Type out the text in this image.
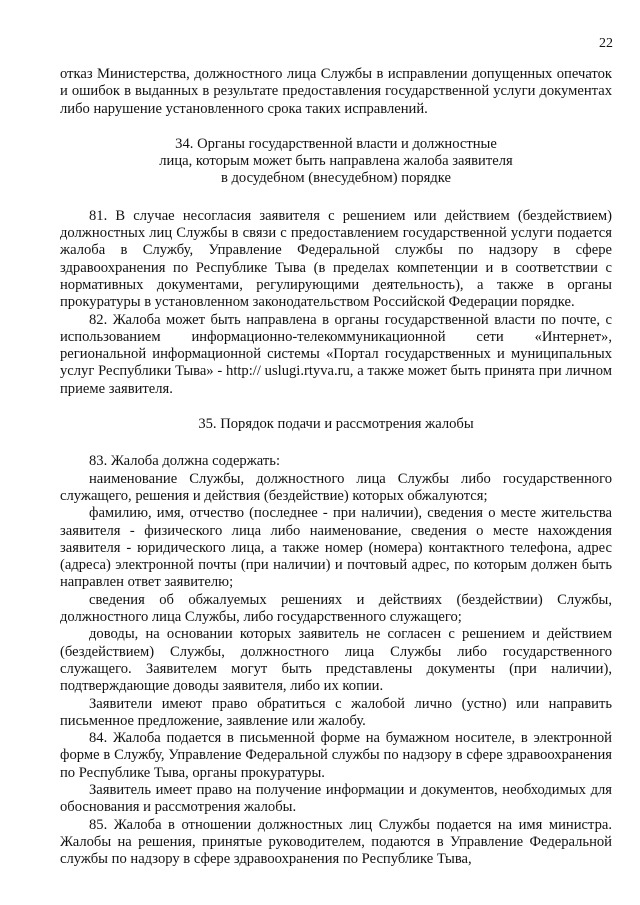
22

отказ Министерства, должностного лица Службы в исправлении допущенных опечаток и ошибок в выданных в результате предоставления государственной услуги документах либо нарушение установленного срока таких исправлений.

34. Органы государственной власти и должностные
лица, которым может быть направлена жалоба заявителя
в досудебном (внесудебном) порядке

81. В случае несогласия заявителя с решением или действием (бездействием) должностных лиц Службы в связи с предоставлением государственной услуги подается жалоба в Службу, Управление Федеральной службы по надзору в сфере здравоохранения по Республике Тыва (в пределах компетенции и в соответствии с нормативных документами, регулирующими деятельность), а также в органы прокуратуры в установленном законодательством Российской Федерации порядке.

82. Жалоба может быть направлена в органы государственной власти по почте, с использованием информационно-телекоммуникационной сети «Интернет», региональной информационной системы «Портал государственных и муниципальных услуг Республики Тыва» - http:// uslugi.rtyva.ru, а также может быть принята при личном приеме заявителя.

35. Порядок подачи и рассмотрения жалобы

83. Жалоба должна содержать:

наименование Службы, должностного лица Службы либо государственного служащего, решения и действия (бездействие) которых обжалуются;

фамилию, имя, отчество (последнее - при наличии), сведения о месте жительства заявителя - физического лица либо наименование, сведения о месте нахождения заявителя - юридического лица, а также номер (номера) контактного телефона, адрес (адреса) электронной почты (при наличии) и почтовый адрес, по которым должен быть направлен ответ заявителю;

сведения об обжалуемых решениях и действиях (бездействии) Службы, должностного лица Службы, либо государственного служащего;

доводы, на основании которых заявитель не согласен с решением и действием (бездействием) Службы, должностного лица Службы либо государственного служащего. Заявителем могут быть представлены документы (при наличии), подтверждающие доводы заявителя, либо их копии.

Заявители имеют право обратиться с жалобой лично (устно) или направить письменное предложение, заявление или жалобу.

84. Жалоба подается в письменной форме на бумажном носителе, в электронной форме в Службу, Управление Федеральной службы по надзору в сфере здравоохранения по Республике Тыва, органы прокуратуры.

Заявитель имеет право на получение информации и документов, необходимых для обоснования и рассмотрения жалобы.

85. Жалоба в отношении должностных лиц Службы подается на имя министра. Жалобы на решения, принятые руководителем, подаются в Управление Федеральной службы по надзору в сфере здравоохранения по Республике Тыва,
